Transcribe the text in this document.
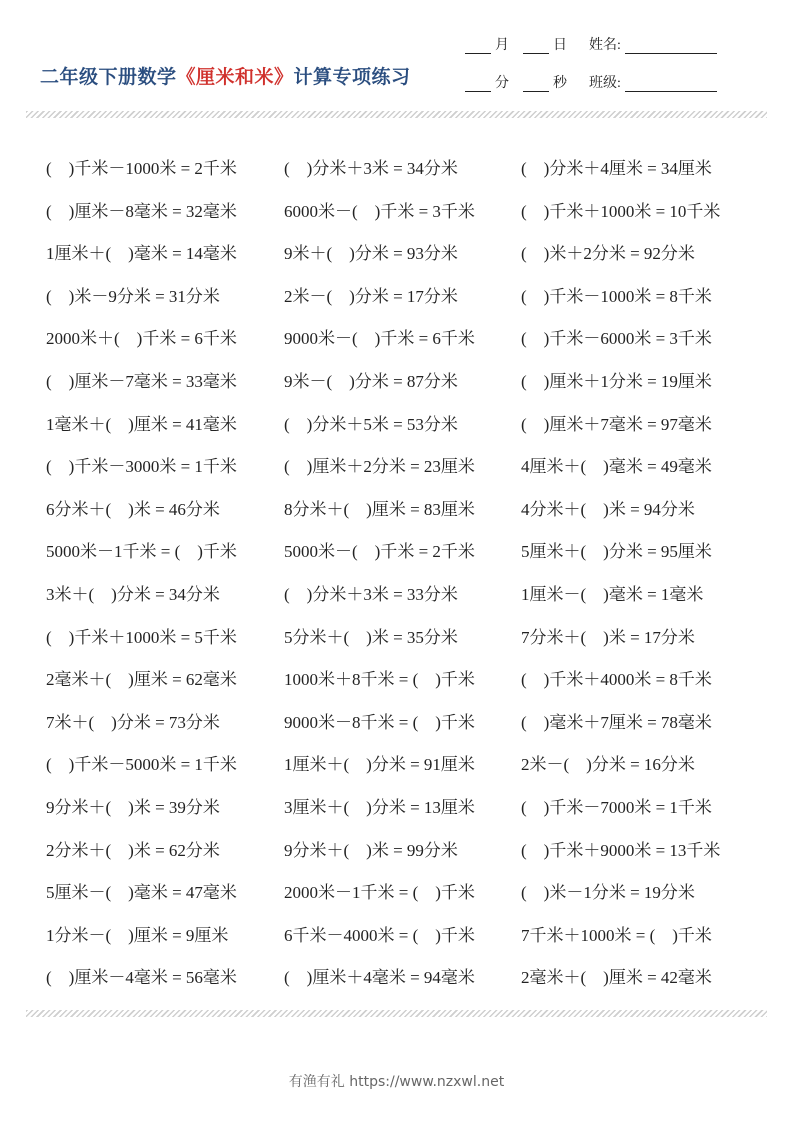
二年级下册数学《厘米和米》计算专项练习
月	日 姓名:
分	秒 班级:
(　)千米－1000米 = 2千米	(　)分米＋3米 = 34分米	(　)分米＋4厘米 = 34厘米
(　)厘米－8毫米 = 32毫米	6000米－(　)千米 = 3千米	(　)千米＋1000米 = 10千米
1厘米＋(　)毫米 = 14毫米	9米＋(　)分米 = 93分米	(　)米＋2分米 = 92分米
(　)米－9分米 = 31分米	2米－(　)分米 = 17分米	(　)千米－1000米 = 8千米
2000米＋(　)千米 = 6千米	9000米－(　)千米 = 6千米	(　)千米－6000米 = 3千米
(　)厘米－7毫米 = 33毫米	9米－(　)分米 = 87分米	(　)厘米＋1分米 = 19厘米
1毫米＋(　)厘米 = 41毫米	(　)分米＋5米 = 53分米	(　)厘米＋7毫米 = 97毫米
(　)千米－3000米 = 1千米	(　)厘米＋2分米 = 23厘米	4厘米＋(　)毫米 = 49毫米
6分米＋(　)米 = 46分米	8分米＋(　)厘米 = 83厘米	4分米＋(　)米 = 94分米
5000米－1千米 = (　)千米	5000米－(　)千米 = 2千米	5厘米＋(　)分米 = 95厘米
3米＋(　)分米 = 34分米	(　)分米＋3米 = 33分米	1厘米－(　)毫米 = 1毫米
(　)千米＋1000米 = 5千米	5分米＋(　)米 = 35分米	7分米＋(　)米 = 17分米
2毫米＋(　)厘米 = 62毫米	1000米＋8千米 = (　)千米	(　)千米＋4000米 = 8千米
7米＋(　)分米 = 73分米	9000米－8千米 = (　)千米	(　)毫米＋7厘米 = 78毫米
(　)千米－5000米 = 1千米	1厘米＋(　)分米 = 91厘米	2米－(　)分米 = 16分米
9分米＋(　)米 = 39分米	3厘米＋(　)分米 = 13厘米	(　)千米－7000米 = 1千米
2分米＋(　)米 = 62分米	9分米＋(　)米 = 99分米	(　)千米＋9000米 = 13千米
5厘米－(　)毫米 = 47毫米	2000米－1千米 = (　)千米	(　)米－1分米 = 19分米
1分米－(　)厘米 = 9厘米	6千米－4000米 = (　)千米	7千米＋1000米 = (　)千米
(　)厘米－4毫米 = 56毫米	(　)厘米＋4毫米 = 94毫米	2毫米＋(　)厘米 = 42毫米
有渔有礼 https://www.nzxwl.net
